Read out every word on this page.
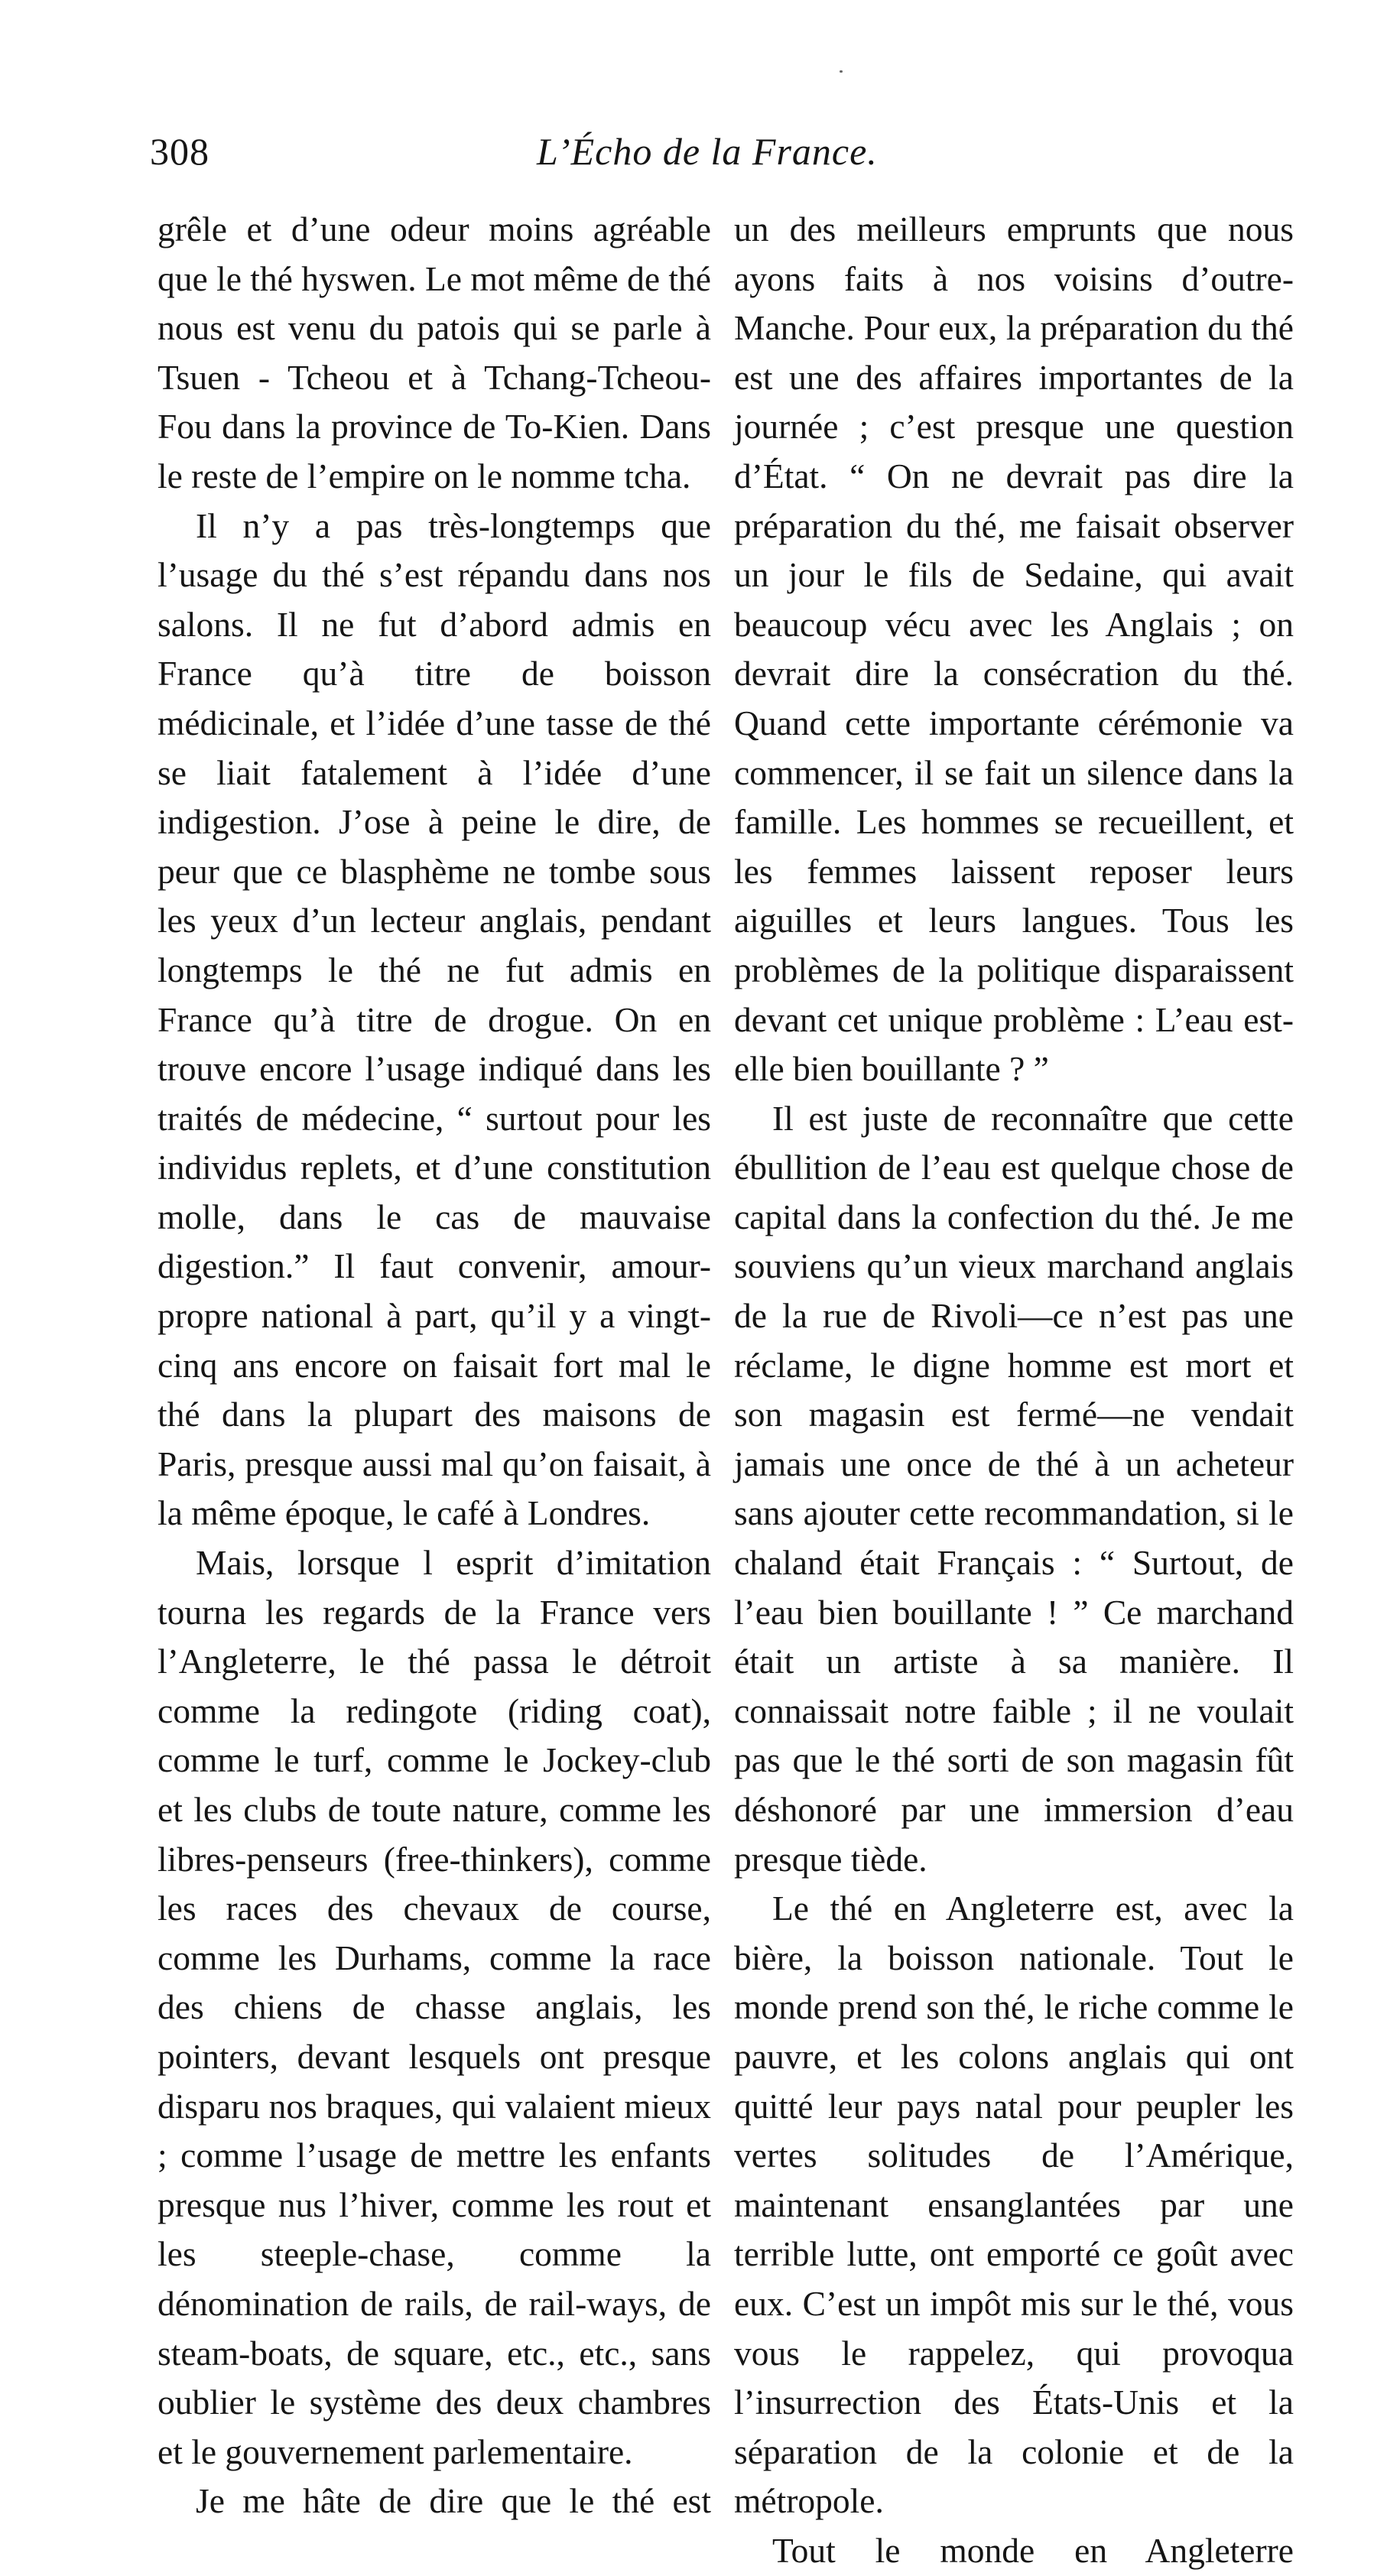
308	L’Écho de la France.

grêle et d’une odeur moins agréable que le thé hyswen. Le mot même de thé nous est venu du patois qui se parle à Tsuen - Tcheou et à Tchang-Tcheou-Fou dans la province de To-Kien. Dans le reste de l’empire on le nomme tcha.

Il n’y a pas très-longtemps que l’usage du thé s’est répandu dans nos salons. Il ne fut d’abord admis en France qu’à titre de boisson médicinale, et l’idée d’une tasse de thé se liait fatalement à l’idée d’une indigestion. J’ose à peine le dire, de peur que ce blasphème ne tombe sous les yeux d’un lecteur anglais, pendant longtemps le thé ne fut admis en France qu’à titre de drogue. On en trouve encore l’usage indiqué dans les traités de médecine, “ surtout pour les individus replets, et d’une constitution molle, dans le cas de mauvaise digestion.” Il faut convenir, amour-propre national à part, qu’il y a vingt-cinq ans encore on faisait fort mal le thé dans la plupart des maisons de Paris, presque aussi mal qu’on faisait, à la même époque, le café à Londres.

Mais, lorsque l esprit d’imitation tourna les regards de la France vers l’Angleterre, le thé passa le détroit comme la redingote (riding coat), comme le turf, comme le Jockey-club et les clubs de toute nature, comme les libres-penseurs (free-thinkers), comme les races des chevaux de course, comme les Durhams, comme la race des chiens de chasse anglais, les pointers, devant lesquels ont presque disparu nos braques, qui valaient mieux ; comme l’usage de mettre les enfants presque nus l’hiver, comme les rout et les steeple-chase, comme la dénomination de rails, de rail-ways, de steam-boats, de square, etc., etc., sans oublier le système des deux chambres et le gouvernement parlementaire.

Je me hâte de dire que le thé est

un des meilleurs emprunts que nous ayons faits à nos voisins d’outre-Manche. Pour eux, la préparation du thé est une des affaires importantes de la journée ; c’est presque une question d’État. “ On ne devrait pas dire la préparation du thé, me faisait observer un jour le fils de Sedaine, qui avait beaucoup vécu avec les Anglais ; on devrait dire la consécration du thé. Quand cette importante cérémonie va commencer, il se fait un silence dans la famille. Les hommes se recueillent, et les femmes laissent reposer leurs aiguilles et leurs langues. Tous les problèmes de la politique disparaissent devant cet unique problème : L’eau est-elle bien bouillante ? ”

Il est juste de reconnaître que cette ébullition de l’eau est quelque chose de capital dans la confection du thé. Je me souviens qu’un vieux marchand anglais de la rue de Rivoli—ce n’est pas une réclame, le digne homme est mort et son magasin est fermé—ne vendait jamais une once de thé à un acheteur sans ajouter cette recommandation, si le chaland était Français : “ Surtout, de l’eau bien bouillante ! ” Ce marchand était un artiste à sa manière. Il connaissait notre faible ; il ne voulait pas que le thé sorti de son magasin fût déshonoré par une immersion d’eau presque tiède.

Le thé en Angleterre est, avec la bière, la boisson nationale. Tout le monde prend son thé, le riche comme le pauvre, et les colons anglais qui ont quitté leur pays natal pour peupler les vertes solitudes de l’Amérique, maintenant ensanglantées par une terrible lutte, ont emporté ce goût avec eux. C’est un impôt mis sur le thé, vous vous le rappelez, qui provoqua l’insurrection des États-Unis et la séparation de la colonie et de la métropole.

Tout le monde en Angleterre
